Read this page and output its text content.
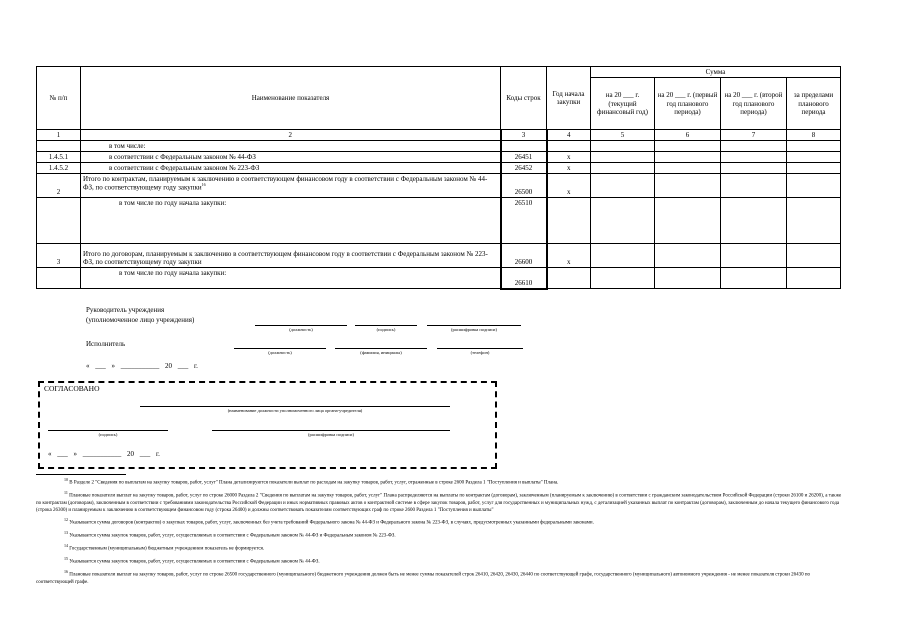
№ п/п	Наименование показателя	Коды строк	Год начала закупки	Сумма			
				на 20 ___ г. (текущий финансовый год)	на 20 ___ г. (первый год планового периода)	на 20 ___ г. (второй год планового периода)	за пределами планового периода
1	2	3	4	5	6	7	8
	в том числе:						
1.4.5.1	в соответствии с Федеральным законом № 44-ФЗ	26451	х				
1.4.5.2	в соответствии с Федеральным законом № 223-ФЗ	26452	х				
2	Итого по контрактам, планируемым к заключению в соответствующем финансовом году в соответствии с Федеральным законом № 44-ФЗ, по соответствующему году закупки$^{16}$	26500	х				
	в том числе по году начала закупки:	26510					
3	Итого по договорам, планируемым к заключению в соответствующем финансовом году в соответствии с Федеральным законом № 223-ФЗ, по соответствующему году закупки	26600	х				
	в том числе по году начала закупки:	26610					
Руководитель учреждения
(уполномоченное лицо учреждения)
(должность)	(подпись)	(расшифровка подписи)
Исполнитель
(должность)	(фамилия, инициалы)	(телефон)
« ___ » ___________ 20 ___ г.
СОГЛАСОВАНО
(наименование должности уполномоченного лица органа-учредителя)
(подпись)	(расшифровка подписи)
« ___ » ___________ 20 ___ г.

$^{10}$ В Разделе 2 "Сведения по выплатам на закупку товаров, работ, услуг" Плана детализируются показатели выплат по расходам на закупку товаров, работ, услуг, отраженные в строке 2600 Раздела 1 "Поступления и выплаты" Плана.

$^{11}$ Плановые показатели выплат на закупку товаров, работ, услуг по строке 26000 Раздела 2 "Сведения по выплатам на закупку товаров, работ, услуг" Плана распределяются на выплаты по контрактам (договорам), заключенным (планируемым к заключению) в соответствии с гражданским законодательством Российской Федерации (строки 26100 и 26200), а также по контрактам (договорам), заключенным в соответствии с требованиями законодательства Российской Федерации и иных нормативных правовых актов о контрактной системе в сфере закупок товаров, работ, услуг для государственных и муниципальных нужд, с детализацией указанных выплат по контрактам (договорам), заключенным до начала текущего финансового года (строка 26300) и планируемым к заключению в соответствующем финансовом году (строка 26400) и должны соответствовать показателям соответствующих граф по строке 2600 Раздела 1 "Поступления и выплаты"

$^{12}$ Указывается сумма договоров (контрактов) о закупках товаров, работ, услуг, заключенных без учета требований Федерального закона № 44-ФЗ и Федерального закона № 223-ФЗ, в случаях, предусмотренных указанными федеральными законами.

$^{13}$ Указывается сумма закупок товаров, работ, услуг, осуществляемых в соответствии с Федеральным законом № 44-ФЗ и Федеральным законом № 223-ФЗ.

$^{14}$ Государственным (муниципальным) бюджетным учреждением показатель не формируется.

$^{15}$ Указывается сумма закупок товаров, работ, услуг, осуществляемых в соответствии с Федеральным законом № 44-ФЗ.

$^{16}$ Плановые показатели выплат на закупку товаров, работ, услуг по строке 26500 государственного (муниципального) бюджетного учреждения должен быть не менее суммы показателей строк 26410, 26420, 26430, 26440 по соответствующей графе, государственного (муниципального) автономного учреждения - не менее показателя строки 26430 по соответствующей графе.
